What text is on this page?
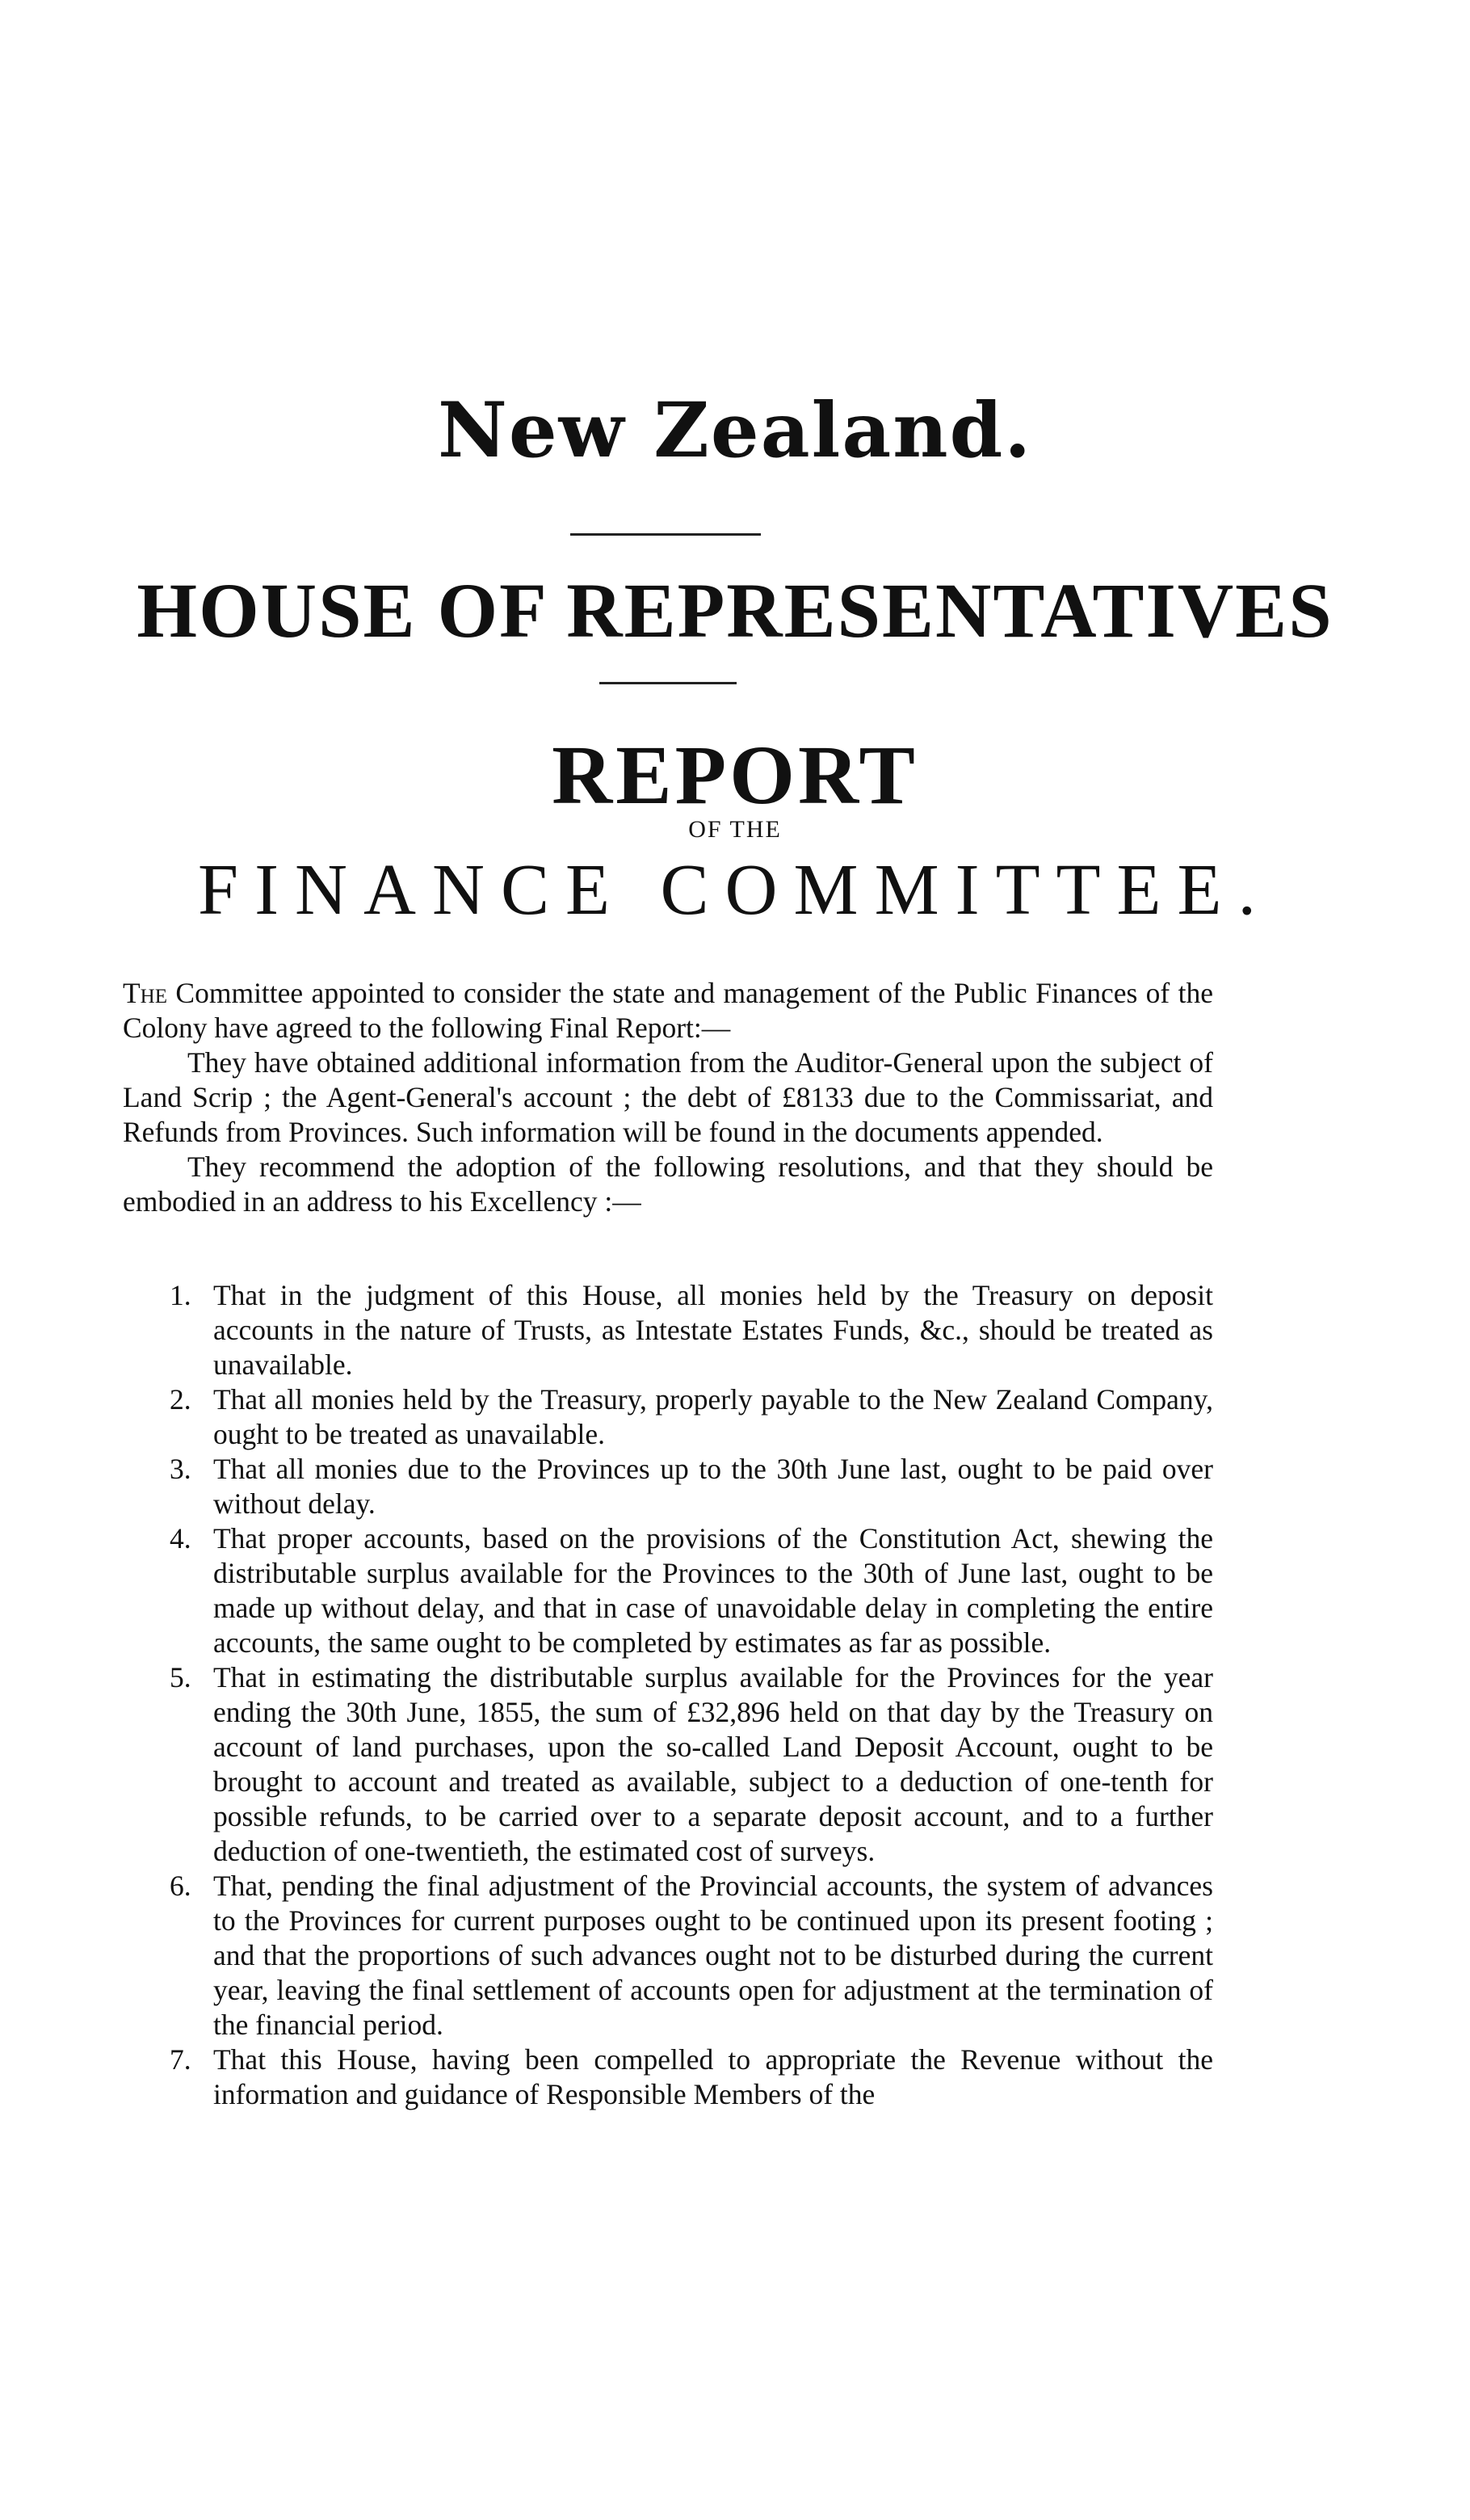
New Zealand.
HOUSE OF REPRESENTATIVES
REPORT
OF THE
FINANCE COMMITTEE.

The Committee appointed to consider the state and management of the Public Finances of the Colony have agreed to the following Final Report:—

They have obtained additional information from the Auditor-General upon the subject of Land Scrip ; the Agent-General's account ; the debt of £8133 due to the Commissariat, and Refunds from Provinces. Such information will be found in the documents appended.

They recommend the adoption of the following resolutions, and that they should be embodied in an address to his Excellency :—

1. That in the judgment of this House, all monies held by the Treasury on deposit accounts in the nature of Trusts, as Intestate Estates Funds, &c., should be treated as unavailable.
2. That all monies held by the Treasury, properly payable to the New Zealand Company, ought to be treated as unavailable.
3. That all monies due to the Provinces up to the 30th June last, ought to be paid over without delay.
4. That proper accounts, based on the provisions of the Constitution Act, shewing the distributable surplus available for the Provinces to the 30th of June last, ought to be made up without delay, and that in case of unavoidable delay in completing the entire accounts, the same ought to be completed by estimates as far as possible.
5. That in estimating the distributable surplus available for the Provinces for the year ending the 30th June, 1855, the sum of £32,896 held on that day by the Treasury on account of land purchases, upon the so-called Land Deposit Account, ought to be brought to account and treated as available, subject to a deduction of one-tenth for possible refunds, to be carried over to a separate deposit account, and to a further deduction of one-twentieth, the estimated cost of surveys.
6. That, pending the final adjustment of the Provincial accounts, the system of advances to the Provinces for current purposes ought to be continued upon its present footing ; and that the proportions of such advances ought not to be disturbed during the current year, leaving the final settlement of accounts open for adjustment at the termination of the financial period.
7. That this House, having been compelled to appropriate the Revenue without the information and guidance of Responsible Members of the
